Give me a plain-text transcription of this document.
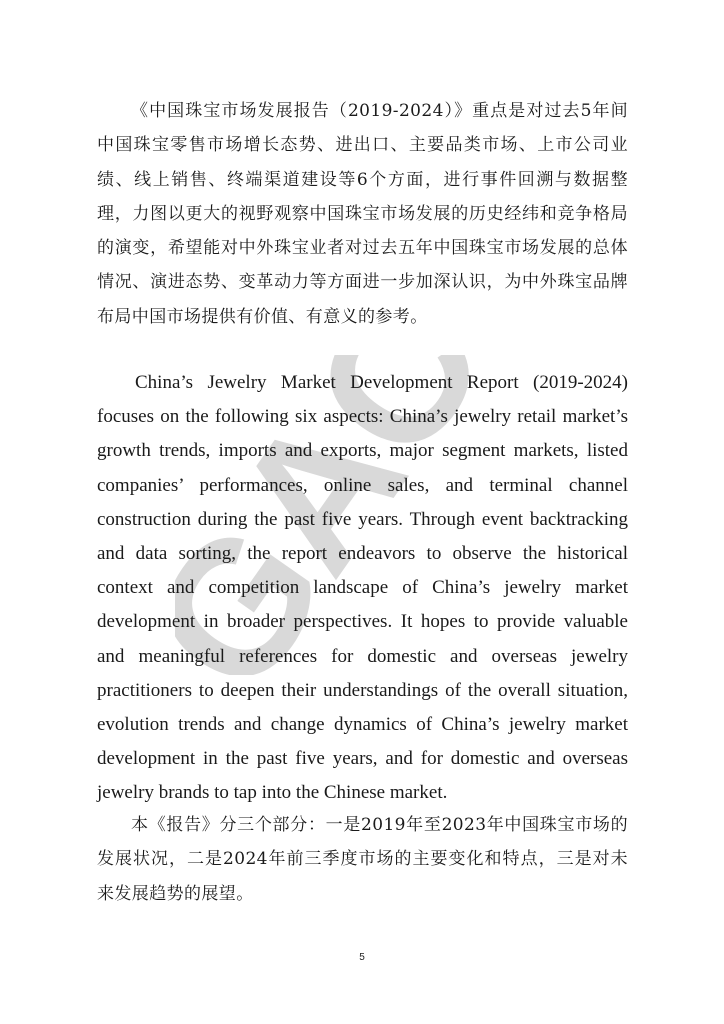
GAC

《中国珠宝市场发展报告（2019-2024）》重点是对过去5年间中国珠宝零售市场增长态势、进出口、主要品类市场、上市公司业绩、线上销售、终端渠道建设等6个方面，进行事件回溯与数据整理，力图以更大的视野观察中国珠宝市场发展的历史经纬和竞争格局的演变，希望能对中外珠宝业者对过去五年中国珠宝市场发展的总体情况、演进态势、变革动力等方面进一步加深认识，为中外珠宝品牌布局中国市场提供有价值、有意义的参考。

China’s Jewelry Market Development Report (2019-2024) focuses on the following six aspects: China’s jewelry retail market’s growth trends, imports and exports, major segment markets, listed companies’ performances, online sales, and terminal channel construction during the past five years. Through event backtracking and data sorting, the report endeavors to observe the historical context and competition landscape of China’s jewelry market development in broader perspectives. It hopes to provide valuable and meaningful references for domestic and overseas jewelry practitioners to deepen their understandings of the overall situation, evolution trends and change dynamics of China’s jewelry market development in the past five years, and for domestic and overseas jewelry brands to tap into the Chinese market.

本《报告》分三个部分：一是2019年至2023年中国珠宝市场的发展状况，二是2024年前三季度市场的主要变化和特点，三是对未来发展趋势的展望。

5
